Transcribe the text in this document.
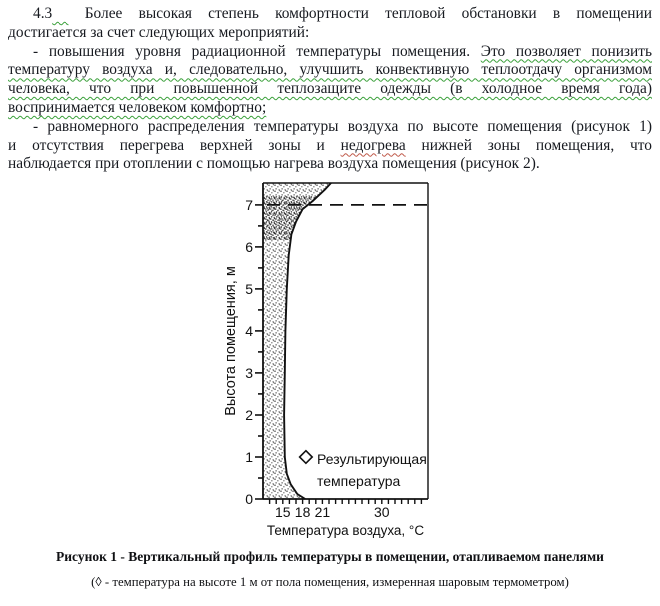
4.3  Более высокая степень комфортности тепловой обстановки в помещении
достигается за счет следующих мероприятий:
- повышения уровня радиационной температуры помещения. Это позволяет понизить
температуру воздуха и, следовательно, улучшить конвективную теплоотдачу организмом
человека, что при повышенной теплозащите одежды (в холодное время года)
воспринимается человеком комфортно;
- равномерного распределения температуры воздуха по высоте помещения (рисунок 1)
и отсутствия перегрева верхней зоны и недогрева нижней зоны помещения, что
наблюдается при отоплении с помощью нагрева воздуха помещения (рисунок 2).
0
1
2
3
4
5
6
7
15 18 21	30
Температура воздуха, °С
Высота помещения, м
Результирующая
температура
Рисунок 1 - Вертикальный профиль температуры в помещении, отапливаемом панелями
(◊ - температура на высоте 1 м от пола помещения, измеренная шаровым термометром)
